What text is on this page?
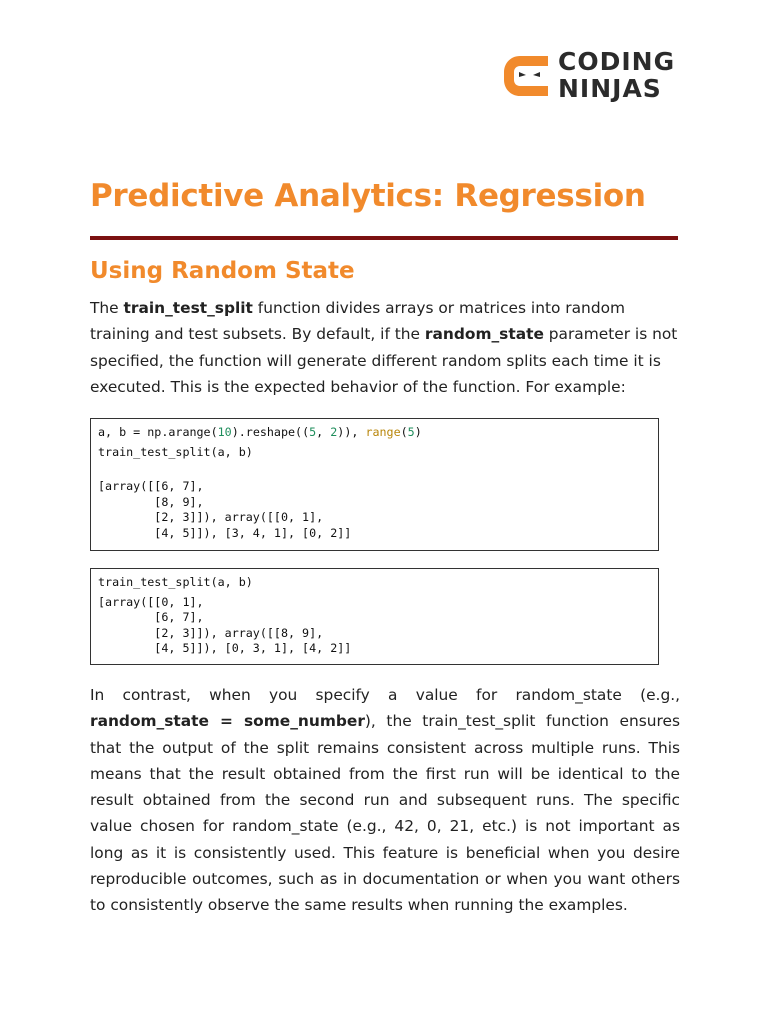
CODING
NINJAS
Predictive Analytics: Regression
Using Random State

The train_test_split function divides arrays or matrices into random training and test subsets. By default, if the random_state parameter is not specified, the function will generate different random splits each time it is executed. This is the expected behavior of the function. For example:

a, b = np.arange(10).reshape((5, 2)), range(5)
train_test_split(a, b)
[array([[6, 7],
[8, 9],
[2, 3]]), array([[0, 1],
[4, 5]]), [3, 4, 1], [0, 2]]
train_test_split(a, b)
[array([[0, 1],
[6, 7],
[2, 3]]), array([[8, 9],
[4, 5]]), [0, 3, 1], [4, 2]]

In contrast, when you specify a value for random_state (e.g., random_state = some_number), the train_test_split function ensures that the output of the split remains consistent across multiple runs. This means that the result obtained from the first run will be identical to the result obtained from the second run and subsequent runs. The specific value chosen for random_state (e.g., 42, 0, 21, etc.) is not important as long as it is consistently used. This feature is beneficial when you desire reproducible outcomes, such as in documentation or when you want others to consistently observe the same results when running the examples.
